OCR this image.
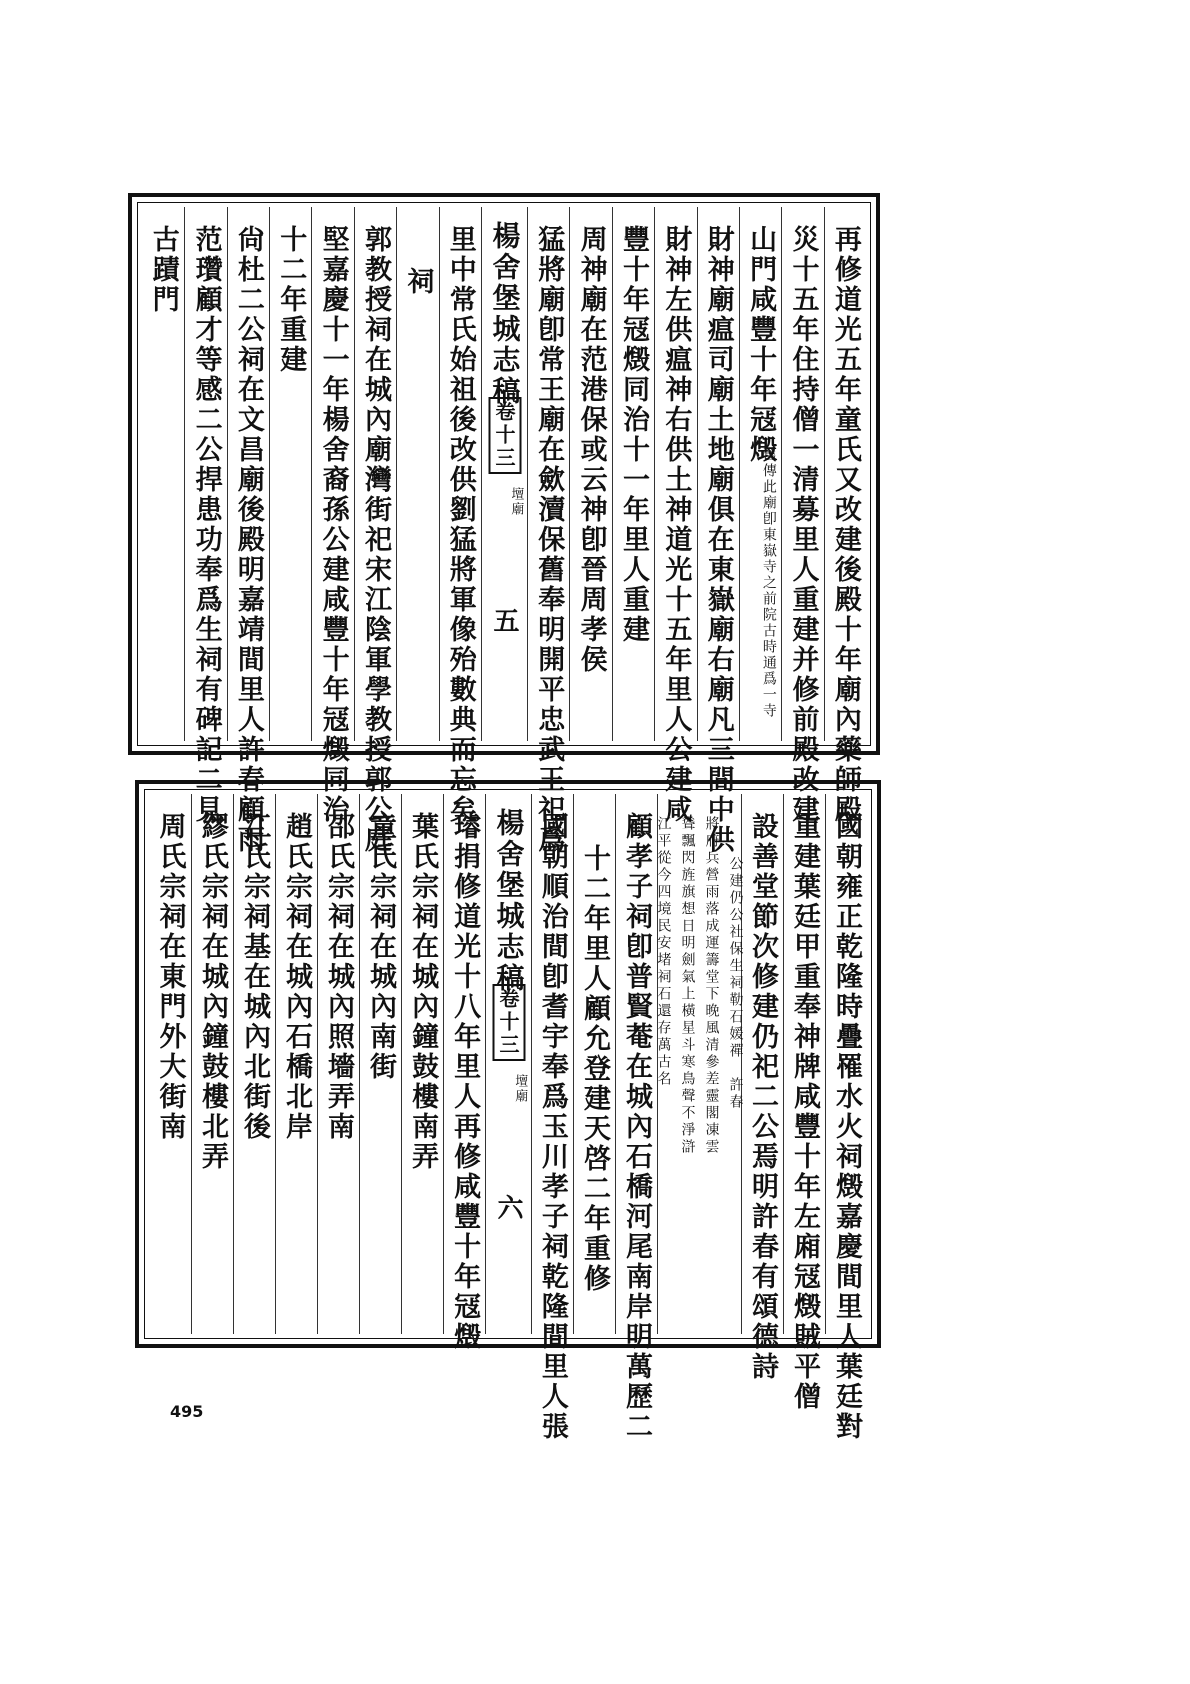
再修道光五年童氏又改建後殿十年廟內藥師殿
災十五年住持僧一清募里人重建并修前殿改建
山門咸豐十年冦燬
舊傳此廟卽東嶽寺之前院古時通爲一寺
財神廟瘟司廟土地廟俱在東嶽廟右廟凡三間中供
財神左供瘟神右供土神道光十五年里人公建咸
豐十年冦燬同治十一年里人重建
周神廟在范港保或云神卽晉周孝侯
猛將廟卽常王廟在歛瀆保舊奉明開平忠武王祀爲
楊舍堡城志稿
卷十三
壇廟
五
里中常氏始祖後改供劉猛將軍像殆數典而忘矣
祠
郭教授祠在城內廟灣街祀宋江陰軍學教授郭公庭
堅嘉慶十一年楊舍裔孫公建咸豐十年冦燬同治
十二年重建
尙杜二公祠在文昌廟後殿明嘉靖間里人許春顧雨
范瓚顧才等感二公捍患功奉爲生祠有碑記二見
古蹟門
國朝雍正乾隆時疊罹水火祠燬嘉慶間里人葉廷對
重建葉廷甲重奉神牌咸豐十年左廂冦燬賊平僧
設善堂節次修建仍祀二公焉明許春有頌德詩
公建仍公社保生祠勒石媛禪　許春
將府兵營雨落成運籌堂下晚風清參差靈閣凍雲
聳飄閃旌旗想日明劍氣上橫星斗寒鳥聲不淨滸
江平從今四境民安堵祠石還存萬古名
顧孝子祠卽普賢菴在城內石橋河尾南岸明萬歷二
十二年里人顧允登建天啓二年重修
國朝順治間卽耆宇奉爲玉川孝子祠乾隆間里人張
楊舍堡城志稿
卷十三
壇廟
六
璿捐修道光十八年里人再修咸豐十年冦燬
葉氏宗祠在城內鐘鼓樓南弄
童氏宗祠在城內南街
邵氏宗祠在城內照墻弄南
趙氏宗祠在城內石橋北岸
江氏宗祠基在城內北街後
繆氏宗祠在城內鐘鼓樓北弄
周氏宗祠在東門外大街南
495
